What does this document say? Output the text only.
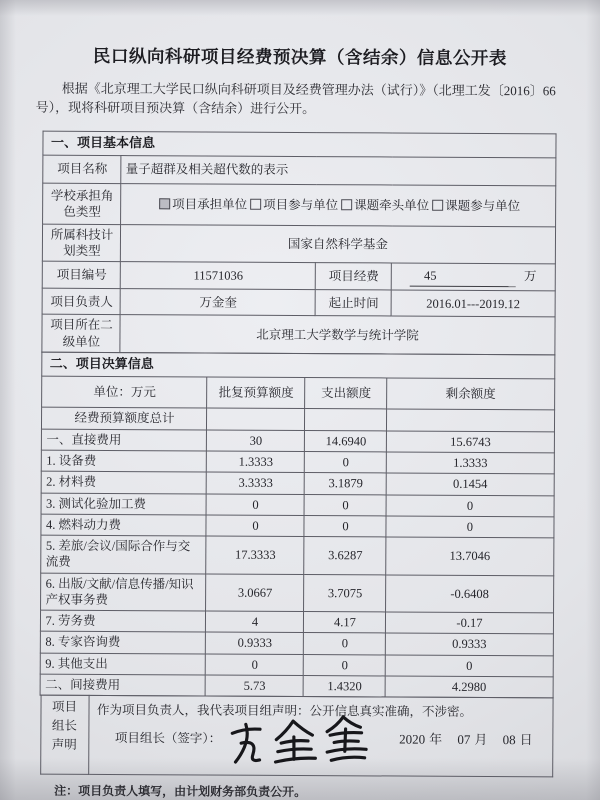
民口纵向科研项目经费预决算（含结余）信息公开表
根据《北京理工大学民口纵向科研项目及经费管理办法（试行）》（北理工发〔2016〕66 号），现将科研项目预决算（含结余）进行公开。
一、项目基本信息			
项目名称	量子超群及相关超代数的表示		
学校承担角色类型	项目承担单位 项目参与单位 课题牵头单位 课题参与单位		
所属科技计划类型	国家自然科学基金		
项目编号	11571036	项目经费	45 万
项目负责人	万金奎	起止时间	2016.01---2019.12
项目所在二级单位	北京理工大学数学与统计学院		
二、项目决算信息			
单位：万元	批复预算额度	支出额度	剩余额度
经费预算额度总计			
一、直接费用	30	14.6940	15.6743
1. 设备费	1.3333	0	1.3333
2. 材料费	3.3333	3.1879	0.1454
3. 测试化验加工费	0	0	0
4. 燃料动力费	0	0	0
5. 差旅/会议/国际合作与交流费	17.3333	3.6287	13.7046
6. 出版/文献/信息传播/知识产权事务费	3.0667	3.7075	-0.6408
7. 劳务费	4	4.17	-0.17
8. 专家咨询费	0.9333	0	0.9333
9. 其他支出	0	0	0
二、间接费用	5.73	1.4320	4.2980
项目
组长
声明

作为项目负责人，我代表项目组声明：公开信息真实准确，不涉密。
项目组长（签字）：	2020 年 07 月 08 日
注：项目负责人填写，由计划财务部负责公开。
